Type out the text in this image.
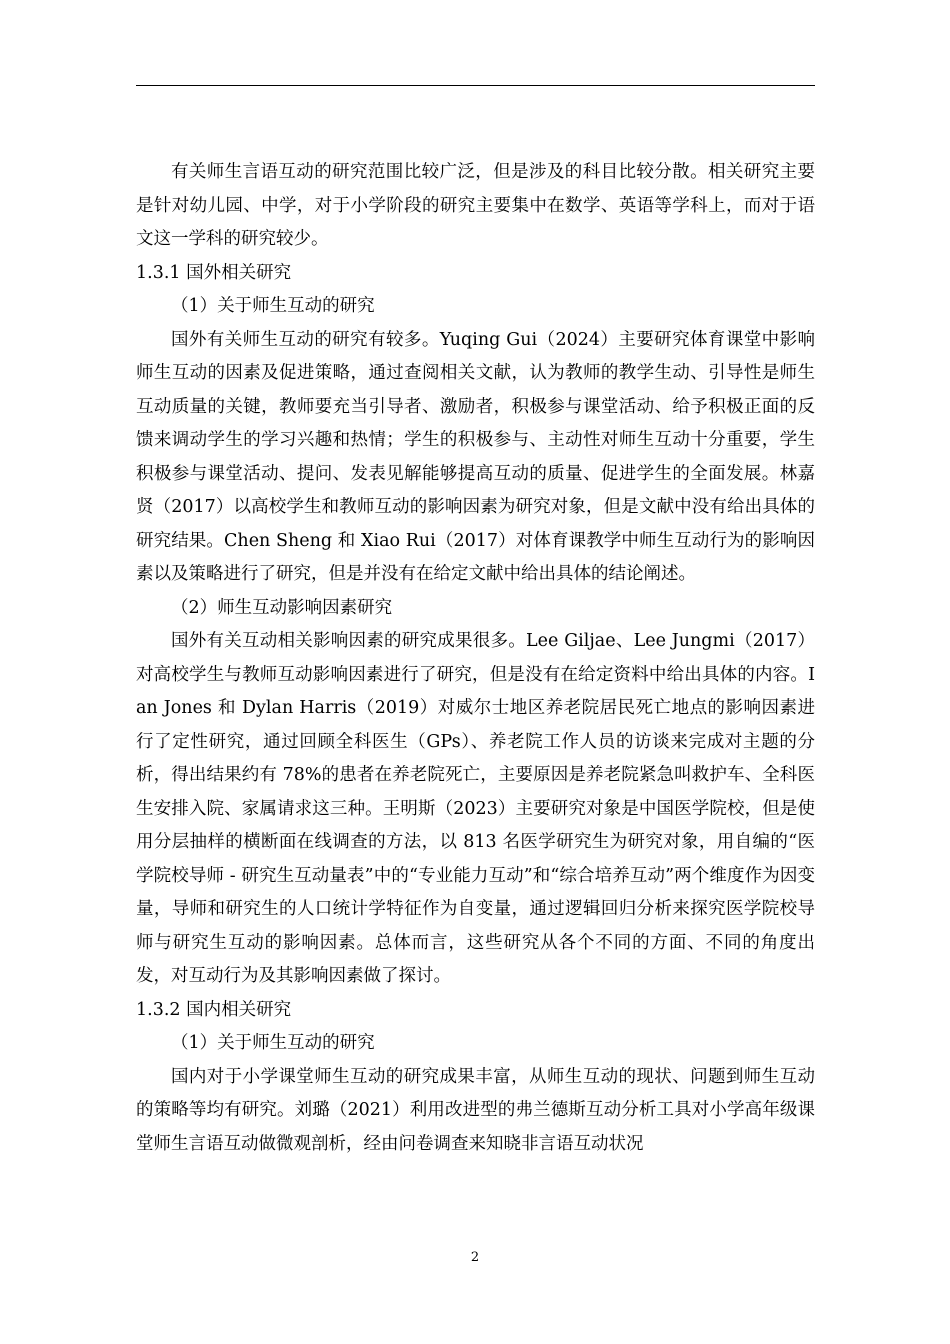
有关师生言语互动的研究范围比较广泛，但是涉及的科目比较分散。相关研究主要是针对幼儿园、中学，对于小学阶段的研究主要集中在数学、英语等学科上，而对于语文这一学科的研究较少。

1.3.1 国外相关研究

（1）关于师生互动的研究

国外有关师生互动的研究有较多。Yuqing Gui（2024）主要研究体育课堂中影响师生互动的因素及促进策略，通过查阅相关文献，认为教师的教学生动、引导性是师生互动质量的关键，教师要充当引导者、激励者，积极参与课堂活动、给予积极正面的反馈来调动学生的学习兴趣和热情；学生的积极参与、主动性对师生互动十分重要，学生积极参与课堂活动、提问、发表见解能够提高互动的质量、促进学生的全面发展。林嘉贤（2017）以高校学生和教师互动的影响因素为研究对象，但是文献中没有给出具体的研究结果。Chen Sheng 和 Xiao Rui（2017）对体育课教学中师生互动行为的影响因素以及策略进行了研究，但是并没有在给定文献中给出具体的结论阐述。

（2）师生互动影响因素研究

国外有关互动相关影响因素的研究成果很多。Lee Giljae、Lee Jungmi（2017）对高校学生与教师互动影响因素进行了研究，但是没有在给定资料中给出具体的内容。Ian Jones 和 Dylan Harris（2019）对威尔士地区养老院居民死亡地点的影响因素进行了定性研究，通过回顾全科医生（GPs）、养老院工作人员的访谈来完成对主题的分析，得出结果约有 78%的患者在养老院死亡，主要原因是养老院紧急叫救护车、全科医生安排入院、家属请求这三种。王明斯（2023）主要研究对象是中国医学院校，但是使用分层抽样的横断面在线调查的方法，以 813 名医学研究生为研究对象，用自编的“医学院校导师 - 研究生互动量表”中的“专业能力互动”和“综合培养互动”两个维度作为因变量，导师和研究生的人口统计学特征作为自变量，通过逻辑回归分析来探究医学院校导师与研究生互动的影响因素。总体而言，这些研究从各个不同的方面、不同的角度出发，对互动行为及其影响因素做了探讨。

1.3.2 国内相关研究

（1）关于师生互动的研究

国内对于小学课堂师生互动的研究成果丰富，从师生互动的现状、问题到师生互动的策略等均有研究。刘璐（2021）利用改进型的弗兰德斯互动分析工具对小学高年级课堂师生言语互动做微观剖析，经由问卷调查来知晓非言语互动状况

2
